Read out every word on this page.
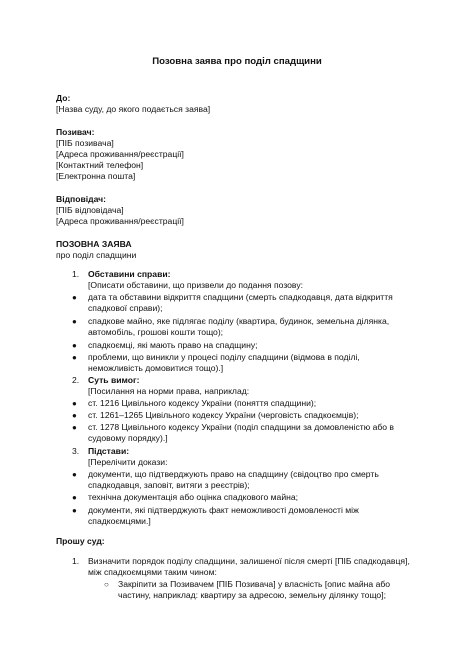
Позовна заява про поділ спадщини
До:
[Назва суду, до якого подається заява]
Позивач:
[ПІБ позивача]
[Адреса проживання/реєстрації]
[Контактний телефон]
[Електронна пошта]
Відповідач:
[ПІБ відповідача]
[Адреса проживання/реєстрації]
ПОЗОВНА ЗАЯВА
про поділ спадщини
1. Обставини справи:
[Описати обставини, що призвели до подання позову:
● дата та обставини відкриття спадщини (смерть спадкодавця, дата відкриття
спадкової справи);
● спадкове майно, яке підлягає поділу (квартира, будинок, земельна ділянка,
автомобіль, грошові кошти тощо);
● спадкоємці, які мають право на спадщину;
● проблеми, що виникли у процесі поділу спадщини (відмова в поділі,
неможливість домовитися тощо).]
2. Суть вимог:
[Посилання на норми права, наприклад:
● ст. 1216 Цивільного кодексу України (поняття спадщини);
● ст. 1261–1265 Цивільного кодексу України (черговість спадкоємців);
● ст. 1278 Цивільного кодексу України (поділ спадщини за домовленістю або в
судовому порядку).]
3. Підстави:
[Перелічити докази:
● документи, що підтверджують право на спадщину (свідоцтво про смерть
спадкодавця, заповіт, витяги з реєстрів);
● технічна документація або оцінка спадкового майна;
● документи, які підтверджують факт неможливості домовленості між
спадкоємцями.]
Прошу суд:
1. Визначити порядок поділу спадщини, залишеної після смерті [ПІБ спадкодавця],
між спадкоємцями таким чином:
○ Закріпити за Позивачем [ПІБ Позивача] у власність [опис майна або
частину, наприклад: квартиру за адресою, земельну ділянку тощо];
